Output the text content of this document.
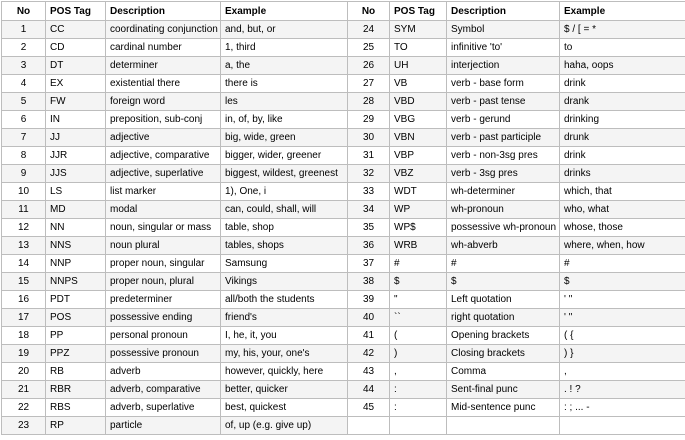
No	POS Tag	Description	Example	No	POS Tag	Description	Example
1	CC	coordinating conjunction	and, but, or	24	SYM	Symbol	$ / [ = *
2	CD	cardinal number	1, third	25	TO	infinitive 'to'	to
3	DT	determiner	a, the	26	UH	interjection	haha, oops
4	EX	existential there	there is	27	VB	verb - base form	drink
5	FW	foreign word	les	28	VBD	verb - past tense	drank
6	IN	preposition, sub-conj	in, of, by, like	29	VBG	verb - gerund	drinking
7	JJ	adjective	big, wide, green	30	VBN	verb - past participle	drunk
8	JJR	adjective, comparative	bigger, wider, greener	31	VBP	verb - non-3sg pres	drink
9	JJS	adjective, superlative	biggest, wildest, greenest	32	VBZ	verb - 3sg pres	drinks
10	LS	list marker	1), One, i	33	WDT	wh-determiner	which, that
11	MD	modal	can, could, shall, will	34	WP	wh-pronoun	who, what
12	NN	noun, singular or mass	table, shop	35	WP$	possessive wh-pronoun	whose, those
13	NNS	noun plural	tables, shops	36	WRB	wh-abverb	where, when, how
14	NNP	proper noun, singular	Samsung	37	#	#	#
15	NNPS	proper noun, plural	Vikings	38	$	$	$
16	PDT	predeterminer	all/both the students	39	"	Left quotation	' "
17	POS	possessive ending	friend's	40	``	right quotation	' "
18	PP	personal pronoun	I, he, it, you	41	(	Opening brackets	( {
19	PPZ	possessive pronoun	my, his, your, one's	42	)	Closing brackets	) }
20	RB	adverb	however, quickly, here	43	,	Comma	,
21	RBR	adverb, comparative	better, quicker	44	:	Sent-final punc	. ! ?
22	RBS	adverb, superlative	best, quickest	45	:	Mid-sentence punc	: ; ... -
23	RP	particle	of, up (e.g. give up)				
